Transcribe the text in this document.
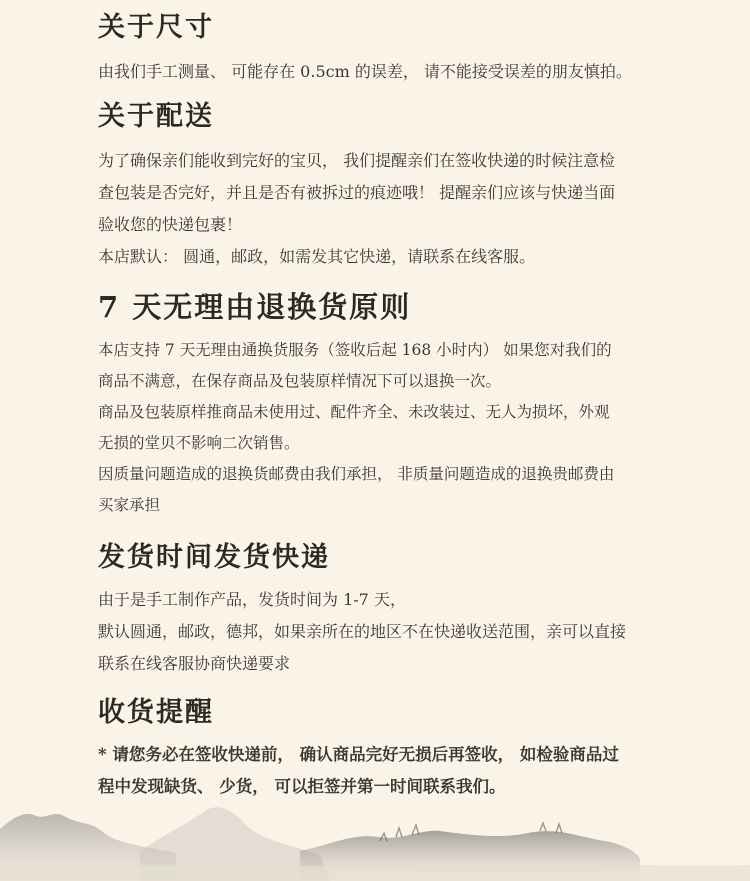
关于尺寸

由我们手工测量、 可能存在 0.5cm 的误差， 请不能接受误差的朋友慎拍。

关于配送

为了确保亲们能收到完好的宝贝， 我们提醒亲们在签收快递的时候注意检

查包装是否完好，并且是否有被拆过的痕迹哦！ 提醒亲们应该与快递当面

验收您的快递包裹！

本店默认： 圆通，邮政，如需发其它快递，请联系在线客服。

7 天无理由退换货原则

本店支持 7 天无理由通换货服务（签收后起 168 小时内） 如果您对我们的

商品不满意，在保存商品及包装原样情况下可以退换一次。

商品及包装原样推商品未使用过、配件齐全、未改装过、无人为损坏，外观

无损的堂贝不影响二次销售。

因质量问题造成的退换货邮费由我们承担， 非质量问题造成的退换贵邮费由

买家承担

发货时间发货快递

由于是手工制作产品，发货时间为 1-7 天，

默认圆通，邮政，德邦，如果亲所在的地区不在快递收送范围，亲可以直接

联系在线客服协商快递要求

收货提醒

* 请您务必在签收快递前， 确认商品完好无损后再签收， 如检验商品过

程中发现缺货、 少货， 可以拒签并第一时间联系我们。
